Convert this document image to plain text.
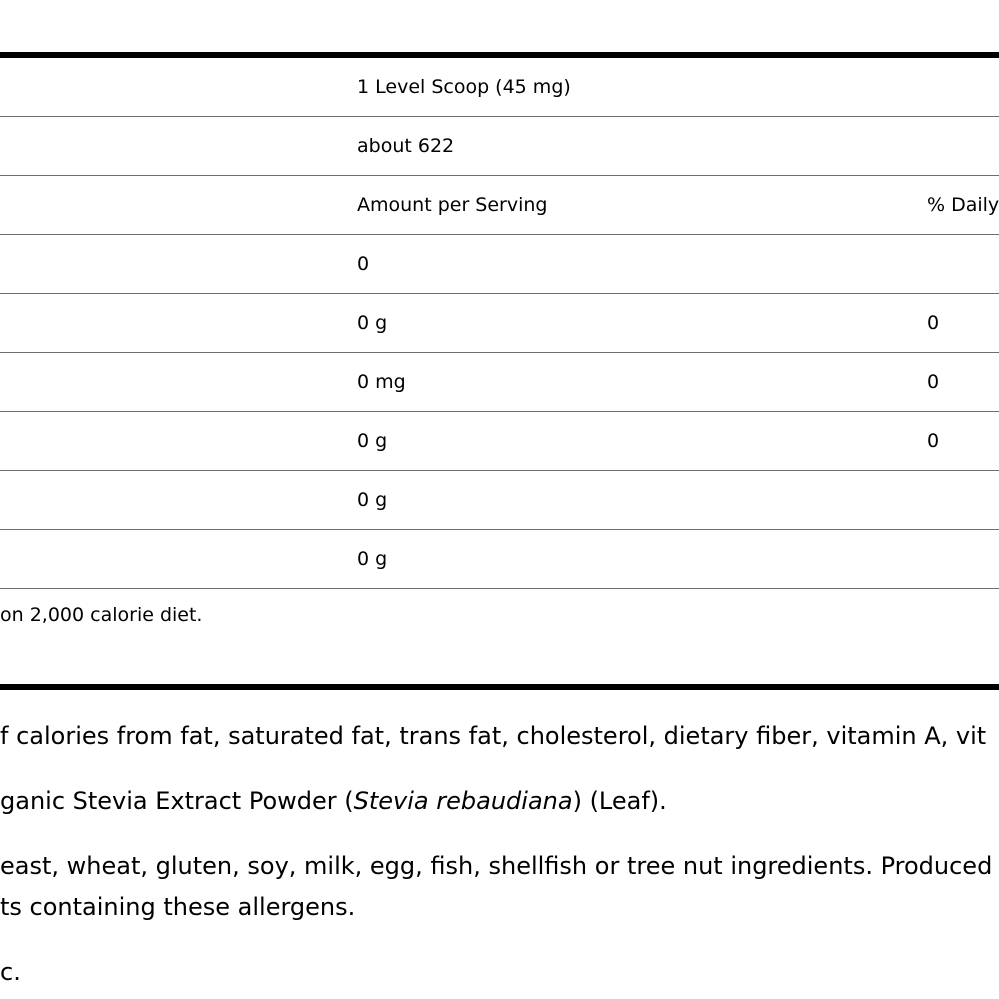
1 Level Scoop (45 mg)
about 622
Amount per Serving	% Daily
0
0 g	0
0 mg	0
0 g	0
0 g
0 g
on 2,000 calorie diet.
f calories from fat, saturated fat, trans fat, cholesterol, dietary fiber, vitamin A, vit
ganic Stevia Extract Powder (Stevia rebaudiana) (Leaf).
east, wheat, gluten, soy, milk, egg, fish, shellfish or tree nut ingredients. Produced
ts containing these allergens.
c.
